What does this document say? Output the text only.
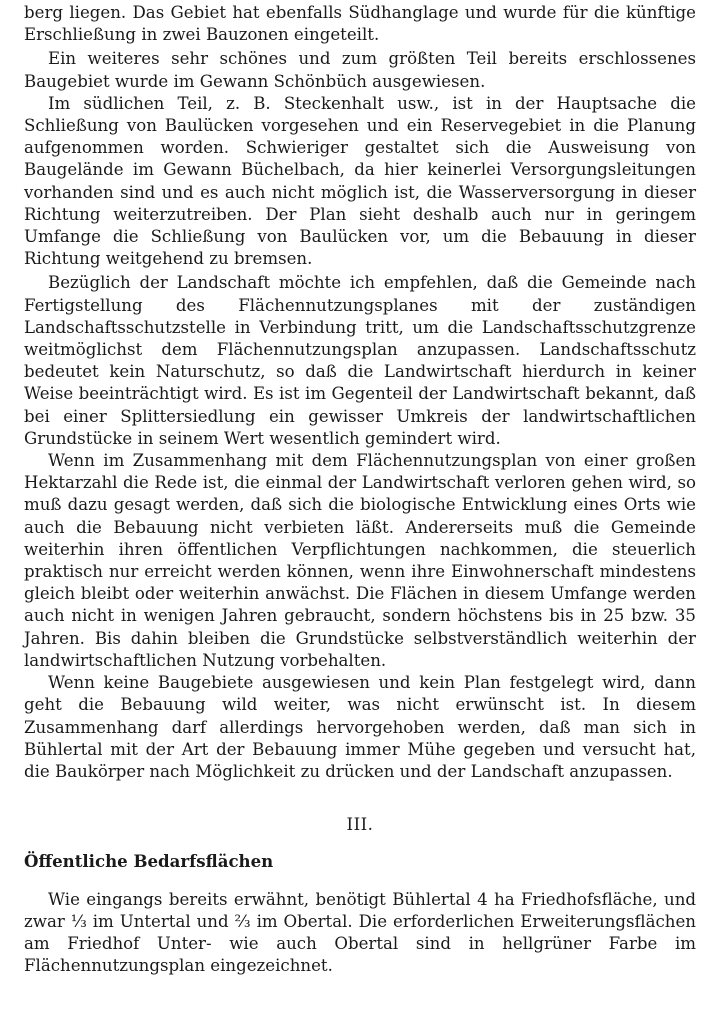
berg liegen. Das Gebiet hat ebenfalls Südhanglage und wurde für die künftige Erschließung in zwei Bauzonen eingeteilt.

Ein weiteres sehr schönes und zum größten Teil bereits erschlossenes Baugebiet wurde im Gewann Schönbüch ausgewiesen.

Im südlichen Teil, z. B. Steckenhalt usw., ist in der Hauptsache die Schließung von Baulücken vorgesehen und ein Reservegebiet in die Planung aufgenommen worden. Schwieriger gestaltet sich die Ausweisung von Baugelände im Gewann Büchelbach, da hier keinerlei Versorgungsleitungen vorhanden sind und es auch nicht möglich ist, die Wasserversorgung in dieser Richtung weiterzutreiben. Der Plan sieht deshalb auch nur in geringem Umfange die Schließung von Baulücken vor, um die Bebauung in dieser Richtung weitgehend zu bremsen.

Bezüglich der Landschaft möchte ich empfehlen, daß die Gemeinde nach Fertigstellung des Flächennutzungsplanes mit der zuständigen Landschaftsschutzstelle in Verbindung tritt, um die Landschaftsschutzgrenze weitmöglichst dem Flächennutzungsplan anzupassen. Landschaftsschutz bedeutet kein Naturschutz, so daß die Landwirtschaft hierdurch in keiner Weise beeinträchtigt wird. Es ist im Gegenteil der Landwirtschaft bekannt, daß bei einer Splittersiedlung ein gewisser Umkreis der landwirtschaftlichen Grundstücke in seinem Wert wesentlich gemindert wird.

Wenn im Zusammenhang mit dem Flächennutzungsplan von einer großen Hektarzahl die Rede ist, die einmal der Landwirtschaft verloren gehen wird, so muß dazu gesagt werden, daß sich die biologische Entwicklung eines Orts wie auch die Bebauung nicht verbieten läßt. Andererseits muß die Gemeinde weiterhin ihren öffentlichen Verpflichtungen nachkommen, die steuerlich praktisch nur erreicht werden können, wenn ihre Einwohnerschaft mindestens gleich bleibt oder weiterhin anwächst. Die Flächen in diesem Umfange werden auch nicht in wenigen Jahren gebraucht, sondern höchstens bis in 25 bzw. 35 Jahren. Bis dahin bleiben die Grundstücke selbstverständlich weiterhin der landwirtschaftlichen Nutzung vorbehalten.

Wenn keine Baugebiete ausgewiesen und kein Plan festgelegt wird, dann geht die Bebauung wild weiter, was nicht erwünscht ist. In diesem Zusammenhang darf allerdings hervorgehoben werden, daß man sich in Bühlertal mit der Art der Bebauung immer Mühe gegeben und versucht hat, die Baukörper nach Möglichkeit zu drücken und der Landschaft anzupassen.

III.
Öffentliche Bedarfsflächen

Wie eingangs bereits erwähnt, benötigt Bühlertal 4 ha Friedhofsfläche, und zwar ⅓ im Untertal und ⅔ im Obertal. Die erforderlichen Erweiterungsflächen am Friedhof Unter- wie auch Obertal sind in hellgrüner Farbe im Flächennutzungsplan eingezeichnet.
